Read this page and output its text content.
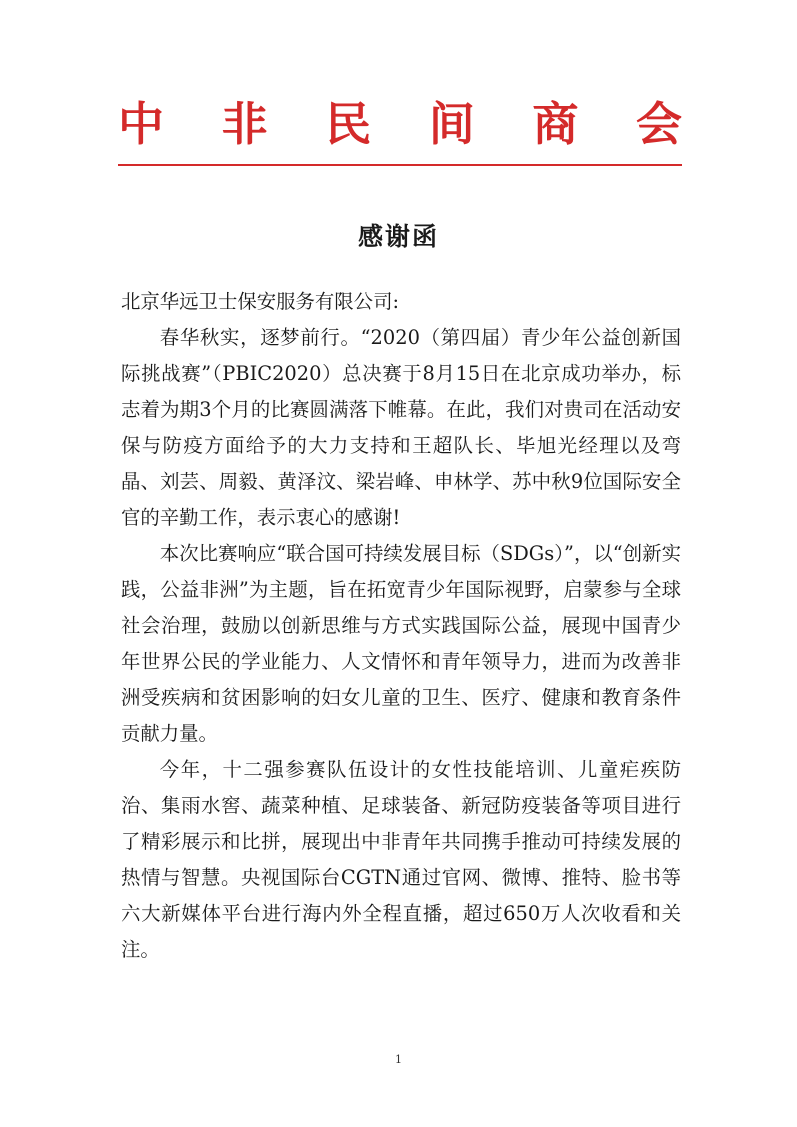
中 非 民 间 商 会
感谢函

北京华远卫士保安服务有限公司:

春华秋实，逐梦前行。“2020（第四届）青少年公益创新国际挑战赛”（PBIC2020）总决赛于8月15日在北京成功举办，标志着为期3个月的比赛圆满落下帷幕。在此，我们对贵司在活动安保与防疫方面给予的大力支持和王超队长、毕旭光经理以及弯晶、刘芸、周毅、黄泽汶、梁岩峰、申林学、苏中秋9位国际安全官的辛勤工作，表示衷心的感谢!

本次比赛响应“联合国可持续发展目标（SDGs）”，以“创新实践，公益非洲”为主题，旨在拓宽青少年国际视野，启蒙参与全球社会治理，鼓励以创新思维与方式实践国际公益，展现中国青少年世界公民的学业能力、人文情怀和青年领导力，进而为改善非洲受疾病和贫困影响的妇女儿童的卫生、医疗、健康和教育条件贡献力量。

今年，十二强参赛队伍设计的女性技能培训、儿童疟疾防治、集雨水窖、蔬菜种植、足球装备、新冠防疫装备等项目进行了精彩展示和比拼，展现出中非青年共同携手推动可持续发展的热情与智慧。央视国际台CGTN通过官网、微博、推特、脸书等六大新媒体平台进行海内外全程直播，超过650万人次收看和关注。

1
